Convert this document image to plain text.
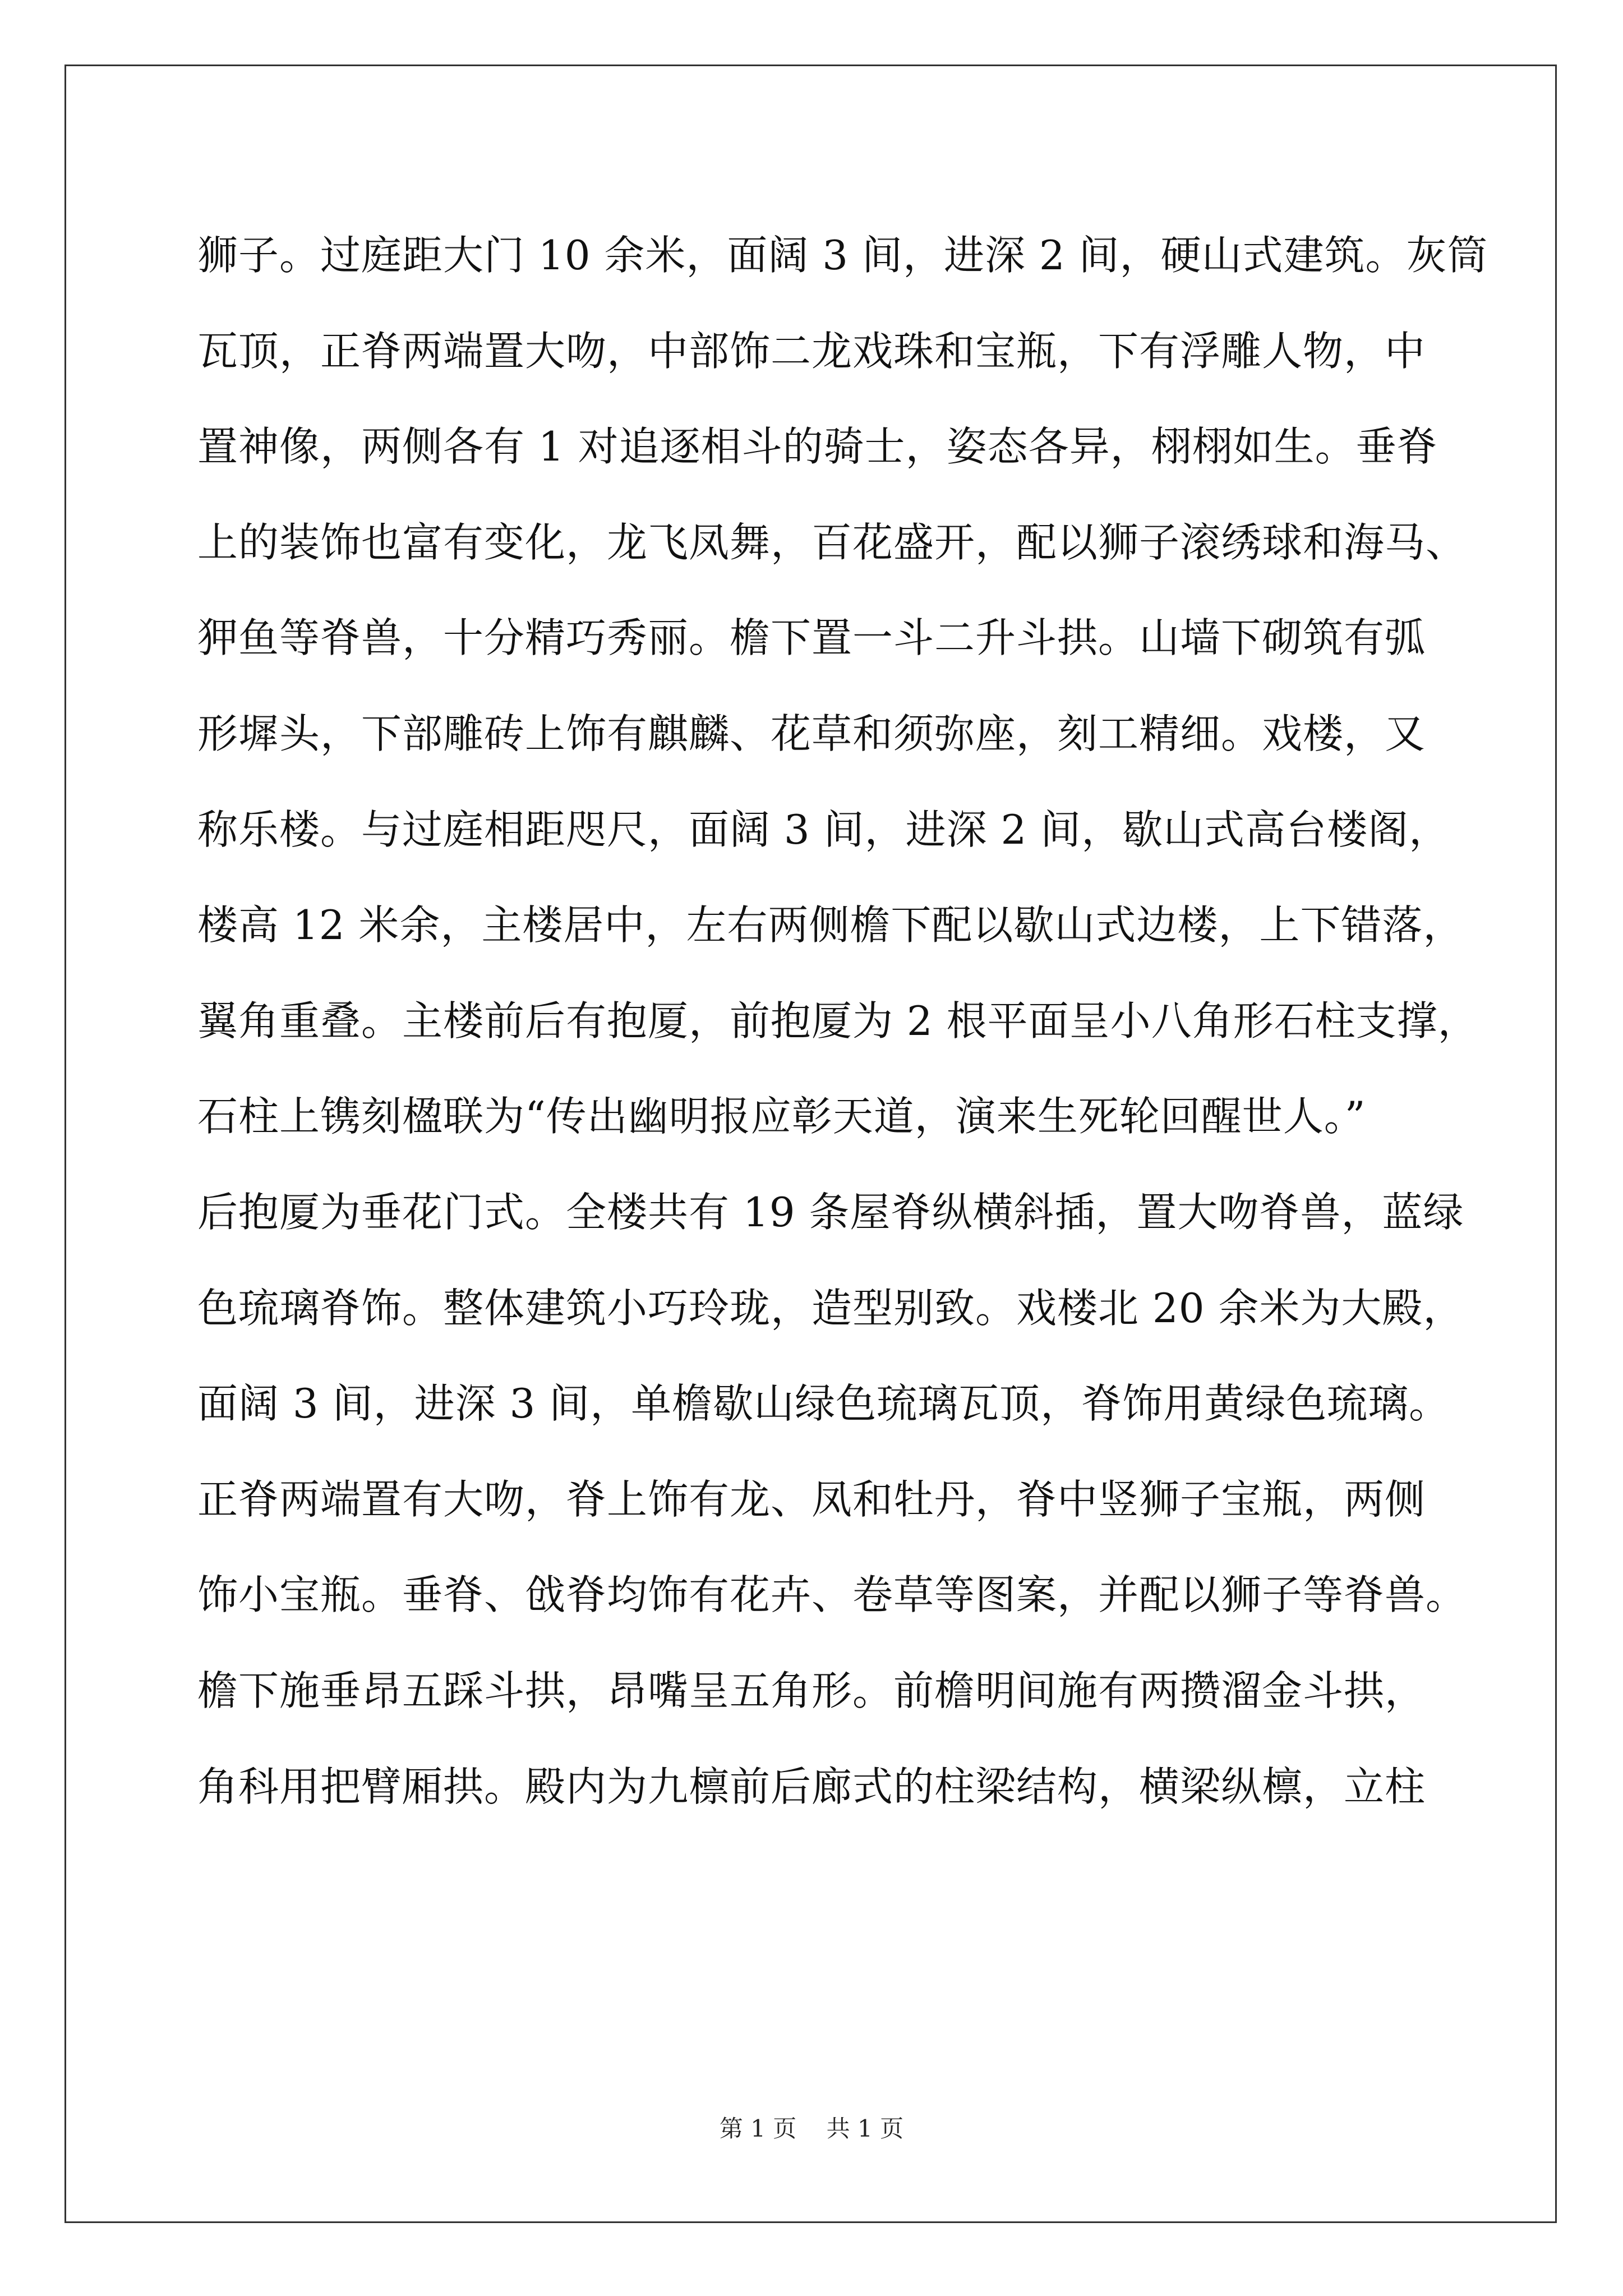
狮子。过庭距大门 10 余米，面阔 3 间，进深 2 间，硬山式建筑。灰筒
瓦顶，正脊两端置大吻，中部饰二龙戏珠和宝瓶，下有浮雕人物，中
置神像，两侧各有 1 对追逐相斗的骑士，姿态各异，栩栩如生。垂脊
上的装饰也富有变化，龙飞凤舞，百花盛开，配以狮子滚绣球和海马、
狎鱼等脊兽，十分精巧秀丽。檐下置一斗二升斗拱。山墙下砌筑有弧
形墀头，下部雕砖上饰有麒麟、花草和须弥座，刻工精细。戏楼，又
称乐楼。与过庭相距咫尺，面阔 3 间，进深 2 间，歇山式高台楼阁，
楼高 12 米余，主楼居中，左右两侧檐下配以歇山式边楼，上下错落，
翼角重叠。主楼前后有抱厦，前抱厦为 2 根平面呈小八角形石柱支撑，
石柱上镌刻楹联为“传出幽明报应彰天道，演来生死轮回醒世人。”
后抱厦为垂花门式。全楼共有 19 条屋脊纵横斜插，置大吻脊兽，蓝绿
色琉璃脊饰。整体建筑小巧玲珑，造型别致。戏楼北 20 余米为大殿，
面阔 3 间，进深 3 间，单檐歇山绿色琉璃瓦顶，脊饰用黄绿色琉璃。
正脊两端置有大吻，脊上饰有龙、凤和牡丹，脊中竖狮子宝瓶，两侧
饰小宝瓶。垂脊、戗脊均饰有花卉、卷草等图案，并配以狮子等脊兽。
檐下施垂昂五踩斗拱，昂嘴呈五角形。前檐明间施有两攒溜金斗拱，
角科用把臂厢拱。殿内为九檩前后廊式的柱梁结构，横梁纵檩，立柱
第 1 页 共 1 页
